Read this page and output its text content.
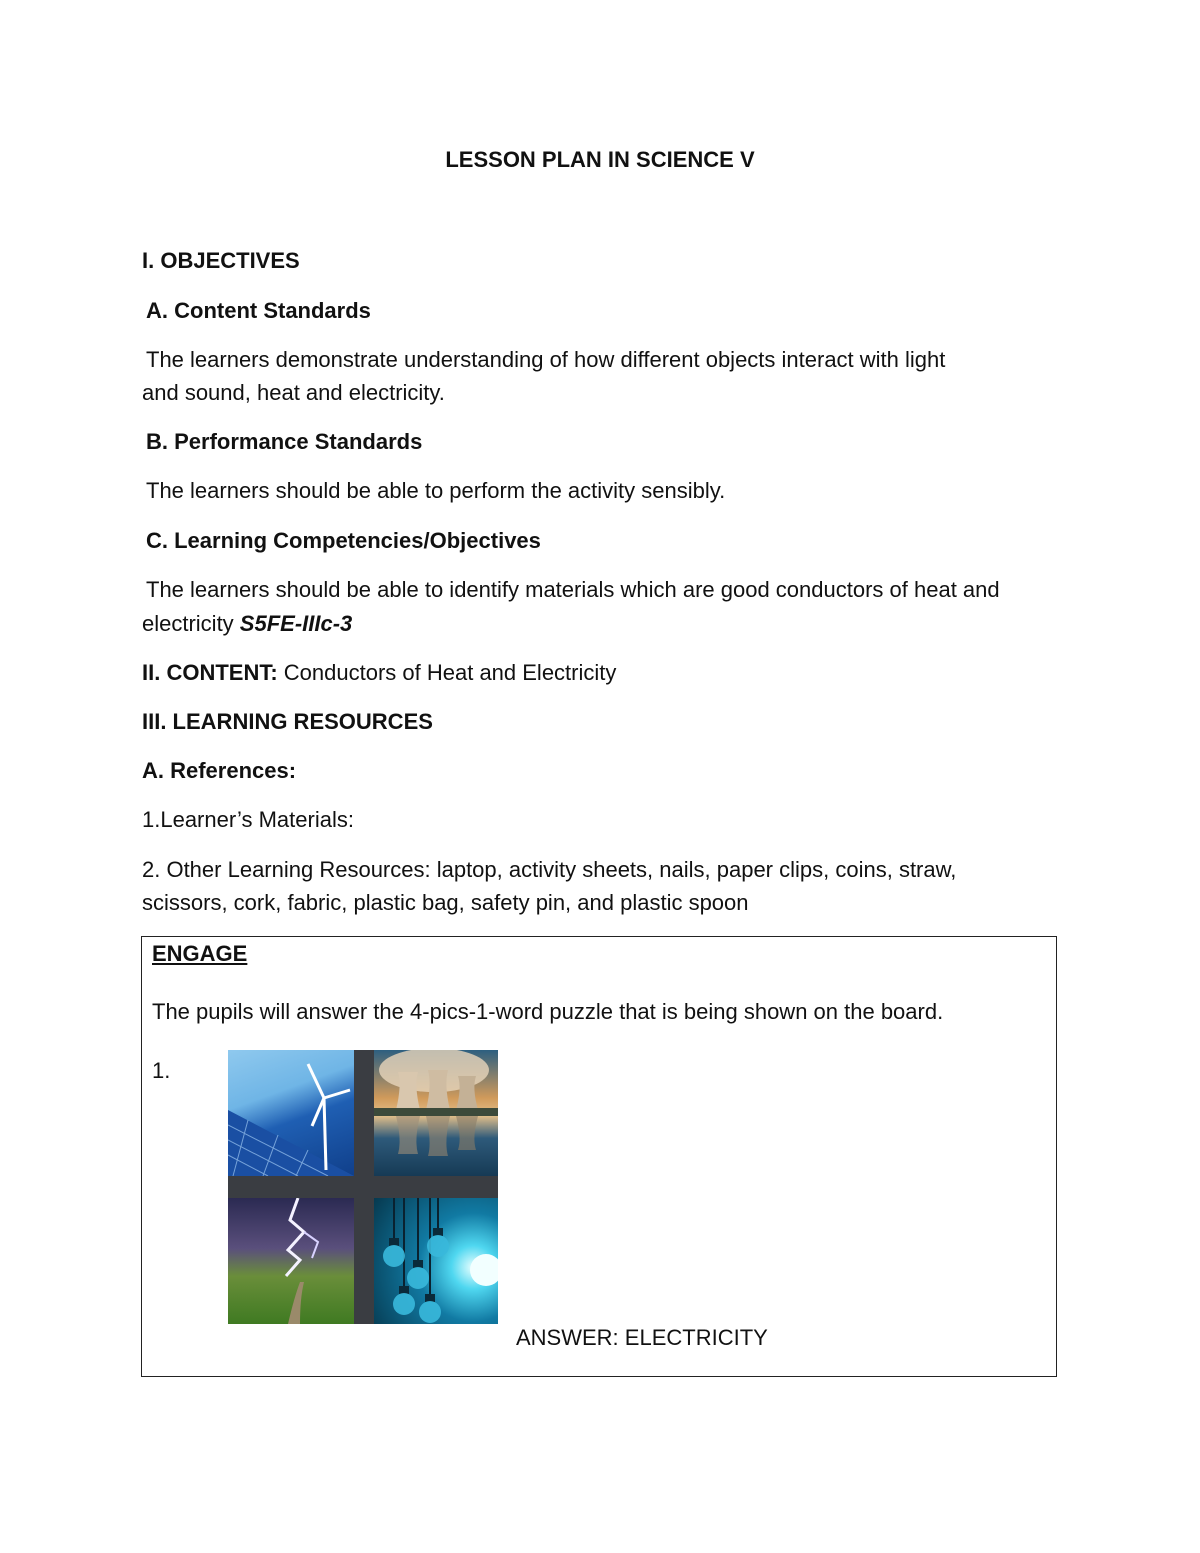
LESSON PLAN IN SCIENCE V
I. OBJECTIVES
A. Content Standards
The learners demonstrate understanding of how different objects interact with light
and sound, heat and electricity.
B. Performance Standards
The learners should be able to perform the activity sensibly.
C. Learning Competencies/Objectives
The learners should be able to identify materials which are good conductors of heat and
electricity S5FE-IIIc-3
II. CONTENT: Conductors of Heat and Electricity
III. LEARNING RESOURCES
A. References:
1.Learner’s Materials:
2. Other Learning Resources: laptop, activity sheets, nails, paper clips, coins, straw,
scissors, cork, fabric, plastic bag, safety pin, and plastic spoon
ENGAGE
The pupils will answer the 4-pics-1-word puzzle that is being shown on the board.
1.
ANSWER: ELECTRICITY
